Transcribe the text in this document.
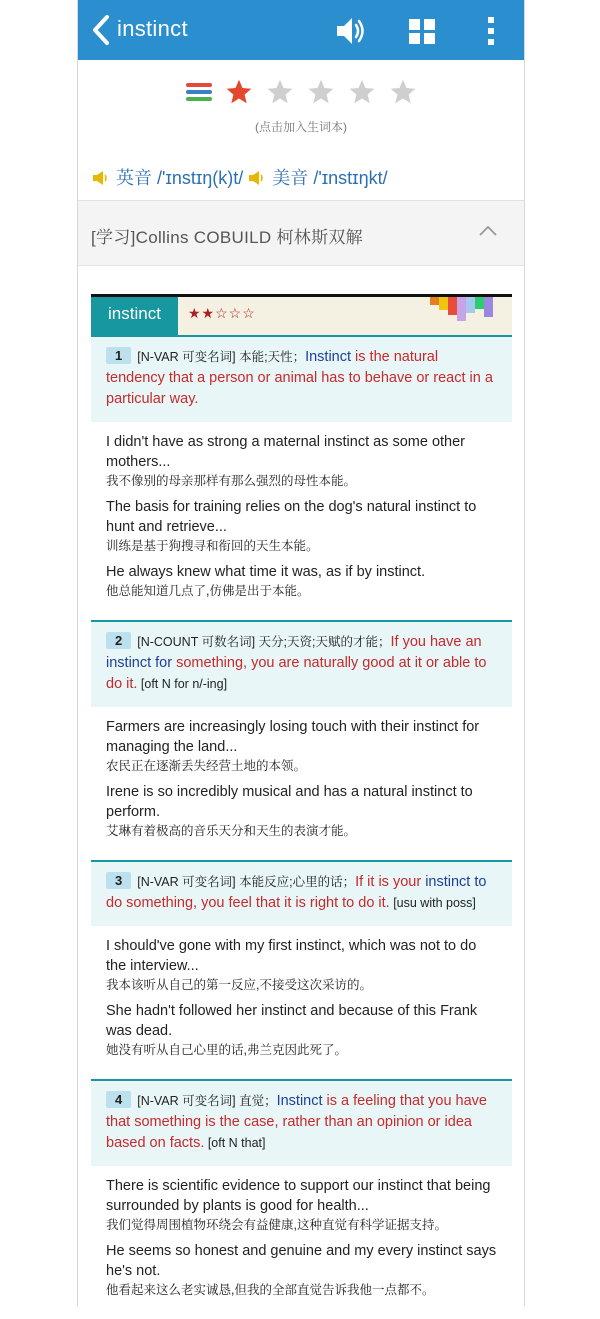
instinct
(点击加入生词本)
英音 /'ɪnstɪŋ(k)t/ 美音 /'ɪnstɪŋkt/
[学习]Collins COBUILD 柯林斯双解
instinct	★★☆☆☆
1 [N-VAR 可变名词] 本能;天性；Instinct is the natural tendency that a person or animal has to behave or react in a particular way.
I didn't have as strong a maternal instinct as some other mothers...
我不像别的母亲那样有那么强烈的母性本能。
The basis for training relies on the dog's natural instinct to hunt and retrieve...
训练是基于狗搜寻和衔回的天生本能。
He always knew what time it was, as if by instinct.
他总能知道几点了,仿佛是出于本能。
2 [N-COUNT 可数名词] 天分;天资;天赋的才能；If you have an instinct for something, you are naturally good at it or able to do it. [oft N for n/-ing]
Farmers are increasingly losing touch with their instinct for managing the land...
农民正在逐渐丢失经营土地的本领。
Irene is so incredibly musical and has a natural instinct to perform.
艾琳有着极高的音乐天分和天生的表演才能。
3 [N-VAR 可变名词] 本能反应;心里的话；If it is your instinct to do something, you feel that it is right to do it. [usu with poss]
I should've gone with my first instinct, which was not to do the interview...
我本该听从自己的第一反应,不接受这次采访的。
She hadn't followed her instinct and because of this Frank was dead.
她没有听从自己心里的话,弗兰克因此死了。
4 [N-VAR 可变名词] 直觉；Instinct is a feeling that you have that something is the case, rather than an opinion or idea based on facts. [oft N that]
There is scientific evidence to support our instinct that being surrounded by plants is good for health...
我们觉得周围植物环绕会有益健康,这种直觉有科学证据支持。
He seems so honest and genuine and my every instinct says he's not.
他看起来这么老实诚恳,但我的全部直觉告诉我他一点都不。
